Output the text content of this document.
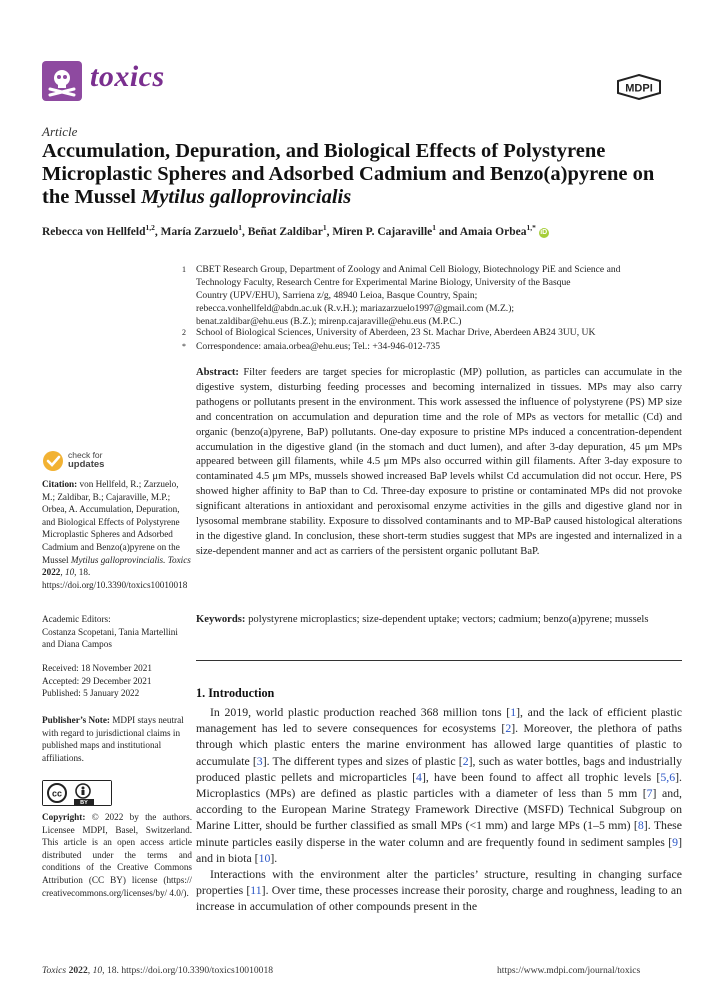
toxics	MDPI
Article
Accumulation, Depuration, and Biological Effects of Polystyrene Microplastic Spheres and Adsorbed Cadmium and Benzo(a)pyrene on the Mussel Mytilus galloprovincialis
Rebecca von Hellfeld$^{1,2}$, María Zarzuelo$^1$, Beñat Zaldibar$^1$, Miren P. Cajaraville$^1$ and Amaia Orbea$^{1,*}$ iD
1 CBET Research Group, Department of Zoology and Animal Cell Biology, Biotechnology PiE and Science and
Technology Faculty, Research Centre for Experimental Marine Biology, University of the Basque
Country (UPV/EHU), Sarriena z/g, 48940 Leioa, Basque Country, Spain;
rebecca.vonhellfeld@abdn.ac.uk (R.v.H.); mariazarzuelo1997@gmail.com (M.Z.);
benat.zaldibar@ehu.eus (B.Z.); mirenp.cajaraville@ehu.eus (M.P.C.)
2 School of Biological Sciences, University of Aberdeen, 23 St. Machar Drive, Aberdeen AB24 3UU, UK
* Correspondence: amaia.orbea@ehu.eus; Tel.: +34-946-012-735
Abstract: Filter feeders are target species for microplastic (MP) pollution, as particles can accumulate in the digestive system, disturbing feeding processes and becoming internalized in tissues. MPs may also carry pathogens or pollutants present in the environment. This work assessed the influence of polystyrene (PS) MP size and concentration on accumulation and depuration time and the role of MPs as vectors for metallic (Cd) and organic (benzo(a)pyrene, BaP) pollutants. One-day exposure to pristine MPs induced a concentration-dependent accumulation in the digestive gland (in the stomach and duct lumen), and after 3-day depuration, 45 μm MPs appeared between gill filaments, while 4.5 μm MPs also occurred within gill filaments. After 3-day exposure to contaminated 4.5 μm MPs, mussels showed increased BaP levels whilst Cd accumulation did not occur. Here, PS showed higher affinity to BaP than to Cd. Three-day exposure to pristine or contaminated MPs did not provoke significant alterations in antioxidant and peroxisomal enzyme activities in the gills and digestive gland nor in lysosomal membrane stability. Exposure to dissolved contaminants and to MP-BaP caused histological alterations in the digestive gland. In conclusion, these short-term studies suggest that MPs are ingested and internalized in a size-dependent manner and act as carriers of the persistent organic pollutant BaP.
Keywords: polystyrene microplastics; size-dependent uptake; vectors; cadmium; benzo(a)pyrene; mussels
check for
updates
Citation: von Hellfeld, R.; Zarzuelo, M.; Zaldibar, B.; Cajaraville, M.P.; Orbea, A. Accumulation, Depuration, and Biological Effects of Polystyrene Microplastic Spheres and Adsorbed Cadmium and Benzo(a)pyrene on the Mussel Mytilus galloprovincialis. Toxics 2022, 10, 18. https://doi.org/10.3390/toxics10010018
Academic Editors:
Costanza Scopetani, Tania Martellini and Diana Campos
Received: 18 November 2021
Accepted: 29 December 2021
Published: 5 January 2022
Publisher’s Note: MDPI stays neutral with regard to jurisdictional claims in published maps and institutional affiliations.
cc
BY
Copyright: © 2022 by the authors. Licensee MDPI, Basel, Switzerland. This article is an open access article distributed under the terms and conditions of the Creative Commons Attribution (CC BY) license (https:// creativecommons.org/licenses/by/ 4.0/).
1. Introduction
In 2019, world plastic production reached 368 million tons [1], and the lack of efficient plastic management has led to severe consequences for ecosystems [2]. Moreover, the plethora of paths through which plastic enters the marine environment has allowed large quantities of plastic to accumulate [3]. The different types and sizes of plastic [2], such as water bottles, bags and industrially produced plastic pellets and microparticles [4], have been found to affect all trophic levels [5,6]. Microplastics (MPs) are defined as plastic particles with a diameter of less than 5 mm [7] and, according to the European Marine Strategy Framework Directive (MSFD) Technical Subgroup on Marine Litter, should be further classified as small MPs (<1 mm) and large MPs (1–5 mm) [8]. These minute particles easily disperse in the water column and are frequently found in sediment samples [9] and in biota [10].
Interactions with the environment alter the particles’ structure, resulting in changing surface properties [11]. Over time, these processes increase their porosity, charge and roughness, leading to an increase in accumulation of other compounds present in the
Toxics 2022, 10, 18. https://doi.org/10.3390/toxics10010018	https://www.mdpi.com/journal/toxics
